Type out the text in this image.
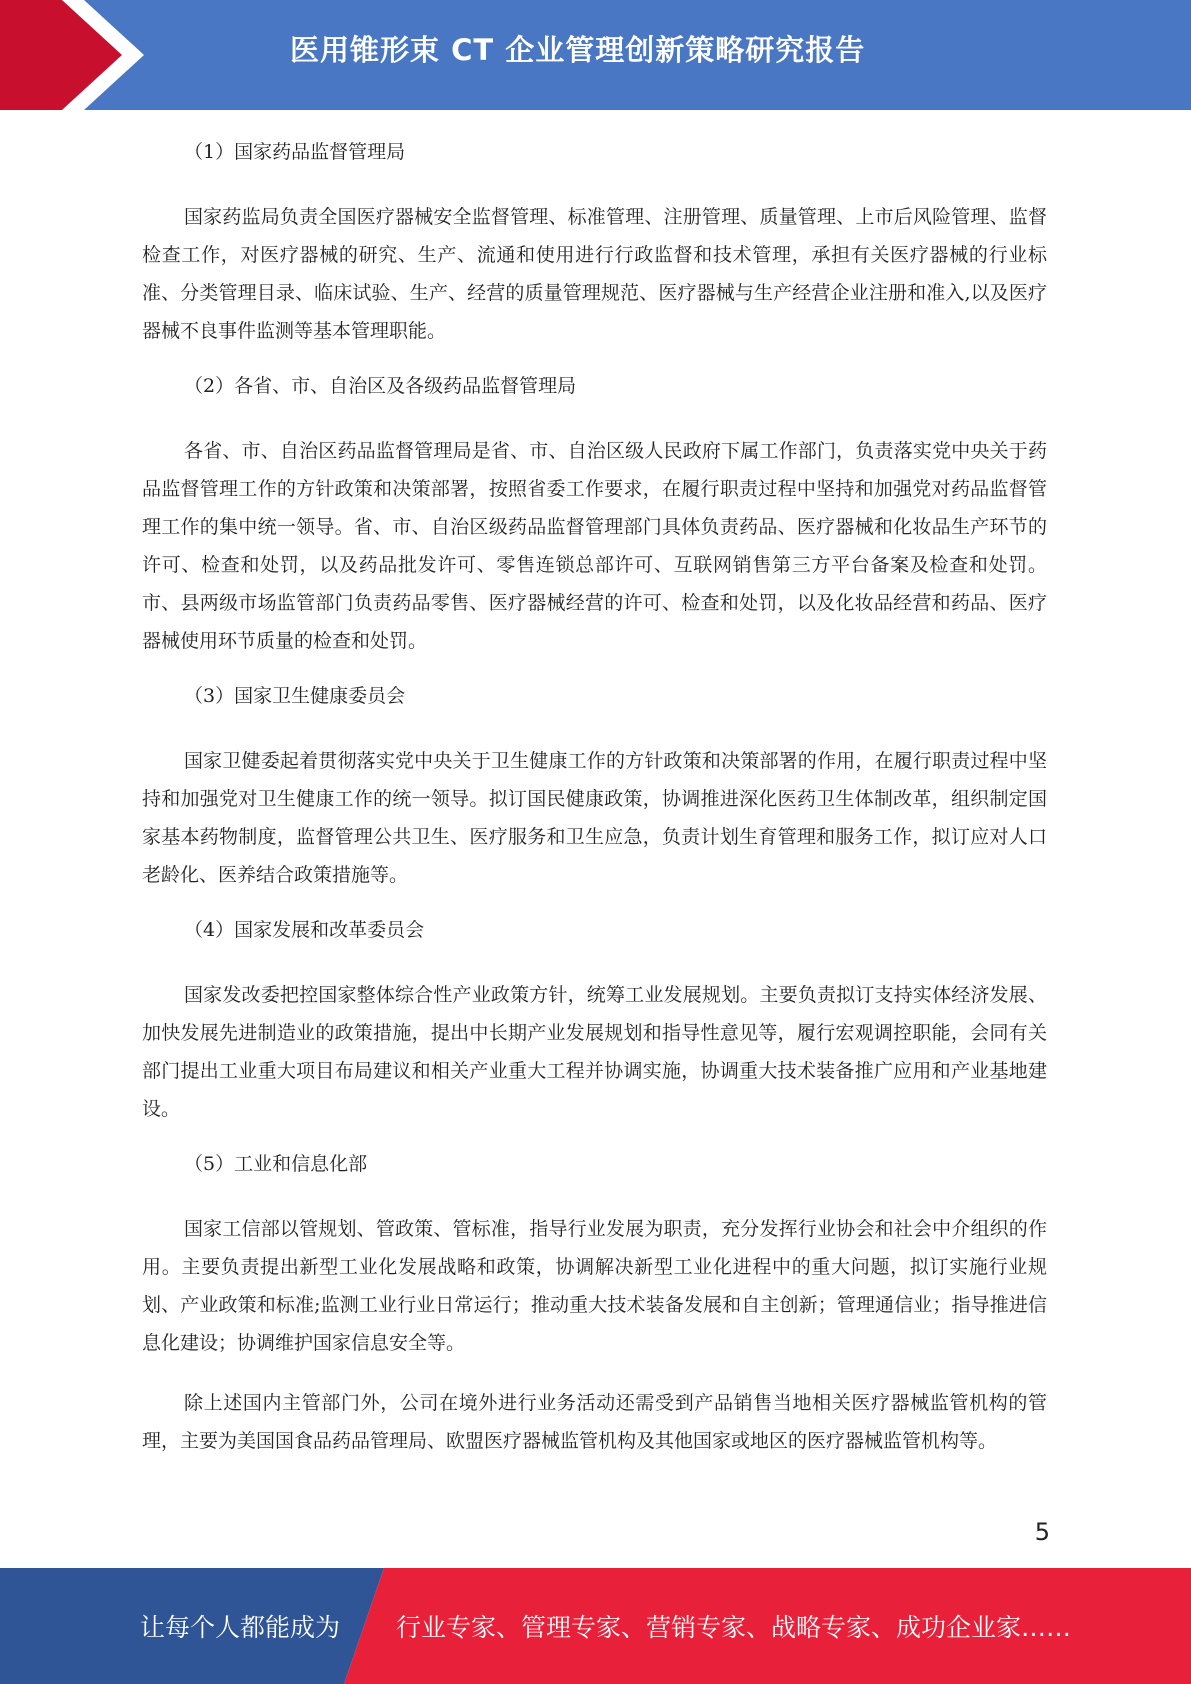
医用锥形束 CT 企业管理创新策略研究报告

（1）国家药品监督管理局

国家药监局负责全国医疗器械安全监督管理、标准管理、注册管理、质量管理、上市后风险管理、监督检查工作，对医疗器械的研究、生产、流通和使用进行行政监督和技术管理，承担有关医疗器械的行业标准、分类管理目录、临床试验、生产、经营的质量管理规范、医疗器械与生产经营企业注册和准入,以及医疗器械不良事件监测等基本管理职能。

（2）各省、市、自治区及各级药品监督管理局

各省、市、自治区药品监督管理局是省、市、自治区级人民政府下属工作部门，负责落实党中央关于药品监督管理工作的方针政策和决策部署，按照省委工作要求，在履行职责过程中坚持和加强党对药品监督管理工作的集中统一领导。省、市、自治区级药品监督管理部门具体负责药品、医疗器械和化妆品生产环节的许可、检查和处罚，以及药品批发许可、零售连锁总部许可、互联网销售第三方平台备案及检查和处罚。市、县两级市场监管部门负责药品零售、医疗器械经营的许可、检查和处罚，以及化妆品经营和药品、医疗器械使用环节质量的检查和处罚。

（3）国家卫生健康委员会

国家卫健委起着贯彻落实党中央关于卫生健康工作的方针政策和决策部署的作用，在履行职责过程中坚持和加强党对卫生健康工作的统一领导。拟订国民健康政策，协调推进深化医药卫生体制改革，组织制定国家基本药物制度，监督管理公共卫生、医疗服务和卫生应急，负责计划生育管理和服务工作，拟订应对人口老龄化、医养结合政策措施等。

（4）国家发展和改革委员会

国家发改委把控国家整体综合性产业政策方针，统筹工业发展规划。主要负责拟订支持实体经济发展、加快发展先进制造业的政策措施，提出中长期产业发展规划和指导性意见等，履行宏观调控职能，会同有关部门提出工业重大项目布局建议和相关产业重大工程并协调实施，协调重大技术装备推广应用和产业基地建设。

（5）工业和信息化部

国家工信部以管规划、管政策、管标准，指导行业发展为职责，充分发挥行业协会和社会中介组织的作用。主要负责提出新型工业化发展战略和政策，协调解决新型工业化进程中的重大问题，拟订实施行业规划、产业政策和标准;监测工业行业日常运行；推动重大技术装备发展和自主创新；管理通信业；指导推进信息化建设；协调维护国家信息安全等。

除上述国内主管部门外，公司在境外进行业务活动还需受到产品销售当地相关医疗器械监管机构的管理，主要为美国国食品药品管理局、欧盟医疗器械监管机构及其他国家或地区的医疗器械监管机构等。

5
让每个人都能成为 行业专家、管理专家、营销专家、战略专家、成功企业家……
